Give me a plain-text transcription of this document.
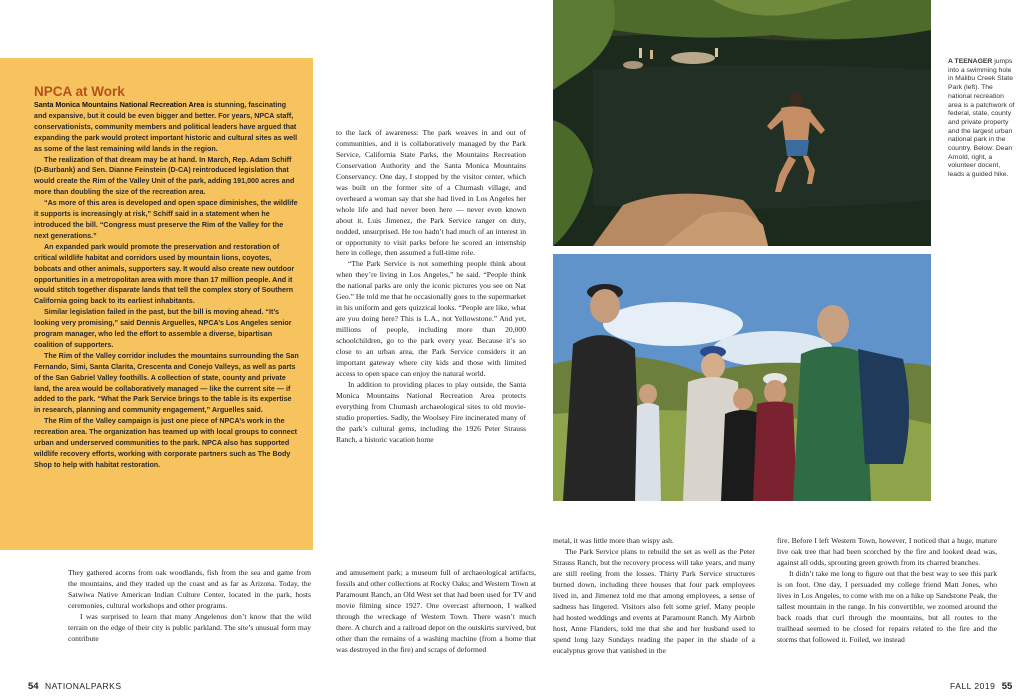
NPCA at Work

Santa Monica Mountains National Recreation Area is stunning, fascinating and expansive, but it could be even bigger and better. For years, NPCA staff, conservationists, community members and political leaders have argued that expanding the park would protect important historic and cultural sites as well as some of the last remaining wild lands in the region.

The realization of that dream may be at hand. In March, Rep. Adam Schiff (D-Burbank) and Sen. Dianne Feinstein (D-CA) reintroduced legislation that would create the Rim of the Valley Unit of the park, adding 191,000 acres and more than doubling the size of the recreation area.

“As more of this area is developed and open space diminishes, the wildlife it supports is increasingly at risk,” Schiff said in a statement when he introduced the bill. “Congress must preserve the Rim of the Valley for the next generations.”

An expanded park would promote the preservation and restoration of critical wildlife habitat and corridors used by mountain lions, coyotes, bobcats and other animals, supporters say. It would also create new outdoor opportunities in a metropolitan area with more than 17 million people. And it would stitch together disparate lands that tell the complex story of Southern California going back to its earliest inhabitants.

Similar legislation failed in the past, but the bill is moving ahead. “It’s looking very promising,” said Dennis Arguelles, NPCA’s Los Angeles senior program manager, who led the effort to assemble a diverse, bipartisan coalition of supporters.

The Rim of the Valley corridor includes the mountains surrounding the San Fernando, Simi, Santa Clarita, Crescenta and Conejo Valleys, as well as parts of the San Gabriel Valley foothills. A collection of state, county and private land, the area would be collaboratively managed — like the current site — if added to the park. “What the Park Service brings to the table is its expertise in research, planning and community engagement,” Arguelles said.

The Rim of the Valley campaign is just one piece of NPCA’s work in the recreation area. The organization has teamed up with local groups to connect urban and underserved communities to the park. NPCA also has supported wildlife recovery efforts, working with corporate partners such as The Body Shop to help with habitat restoration.

They gathered acorns from oak woodlands, fish from the sea and game from the mountains, and they traded up the coast and as far as Arizona. Today, the Satwiwa Native American Indian Culture Center, located in the park, hosts ceremonies, cultural workshops and other programs.

I was surprised to learn that many Angelenos don’t know that the wild terrain on the edge of their city is public parkland. The site’s unusual form may contribute

to the lack of awareness: The park weaves in and out of communities, and it is collaboratively managed by the Park Service, California State Parks, the Mountains Recreation Conservation Authority and the Santa Monica Mountains Conservancy. One day, I stopped by the visitor center, which was built on the former site of a Chumash village, and overheard a woman say that she had lived in Los Angeles her whole life and had never been here — never even known about it. Luis Jimenez, the Park Service ranger on duty, nodded, unsurprised. He too hadn’t had much of an interest in or opportunity to visit parks before he scored an internship here in college, then assumed a full-time role.

“The Park Service is not something people think about when they’re living in Los Angeles,” he said. “People think the national parks are only the iconic pictures you see on Nat Geo.” He told me that he occasionally goes to the supermarket in his uniform and gets quizzical looks. “People are like, what are you doing here? This is L.A., not Yellowstone.” And yet, millions of people, including more than 20,000 schoolchildren, go to the park every year. Because it’s so close to an urban area, the Park Service considers it an important gateway where city kids and those with limited access to open space can enjoy the natural world.

In addition to providing places to play outside, the Santa Monica Mountains National Recreation Area protects everything from Chumash archaeological sites to old movie-studio properties. Sadly, the Woolsey Fire incinerated many of the park’s cultural gems, including the 1926 Peter Strauss Ranch, a historic vacation home

and amusement park; a museum full of archaeological artifacts, fossils and other collections at Rocky Oaks; and Western Town at Paramount Ranch, an Old West set that had been used for TV and movie filming since 1927. One overcast afternoon, I walked through the wreckage of Western Town. There wasn’t much there. A church and a railroad depot on the outskirts survived, but other than the remains of a washing machine (from a home that was destroyed in the fire) and scraps of deformed

metal, it was little more than wispy ash.

The Park Service plans to rebuild the set as well as the Peter Strauss Ranch, but the recovery process will take years, and many are still reeling from the losses. Thirty Park Service structures burned down, including three houses that four park employees lived in, and Jimenez told me that among employees, a sense of sadness has lingered. Visitors also felt some grief. Many people had hosted weddings and events at Paramount Ranch. My Airbnb host, Anne Flanders, told me that she and her husband used to spend long lazy Sundays reading the paper in the shade of a eucalyptus grove that vanished in the

fire. Before I left Western Town, however, I noticed that a huge, mature live oak tree that had been scorched by the fire and looked dead was, against all odds, sprouting green growth from its charred branches.

It didn’t take me long to figure out that the best way to see this park is on foot. One day, I persuaded my college friend Matt Jones, who lives in Los Angeles, to come with me on a hike up Sandstone Peak, the tallest mountain in the range. In his convertible, we zoomed around the back roads that curl through the mountains, but all routes to the trailhead seemed to be closed for repairs related to the fire and the storms that followed it. Foiled, we instead

A TEENAGER jumps into a swimming hole in Malibu Creek State Park (left). The national recreation area is a patchwork of federal, state, county and private property and the largest urban national park in the country. Below: Dean Arnold, right, a volunteer docent, leads a guided hike.
54 NATIONALPARKS	FALL 2019 55
